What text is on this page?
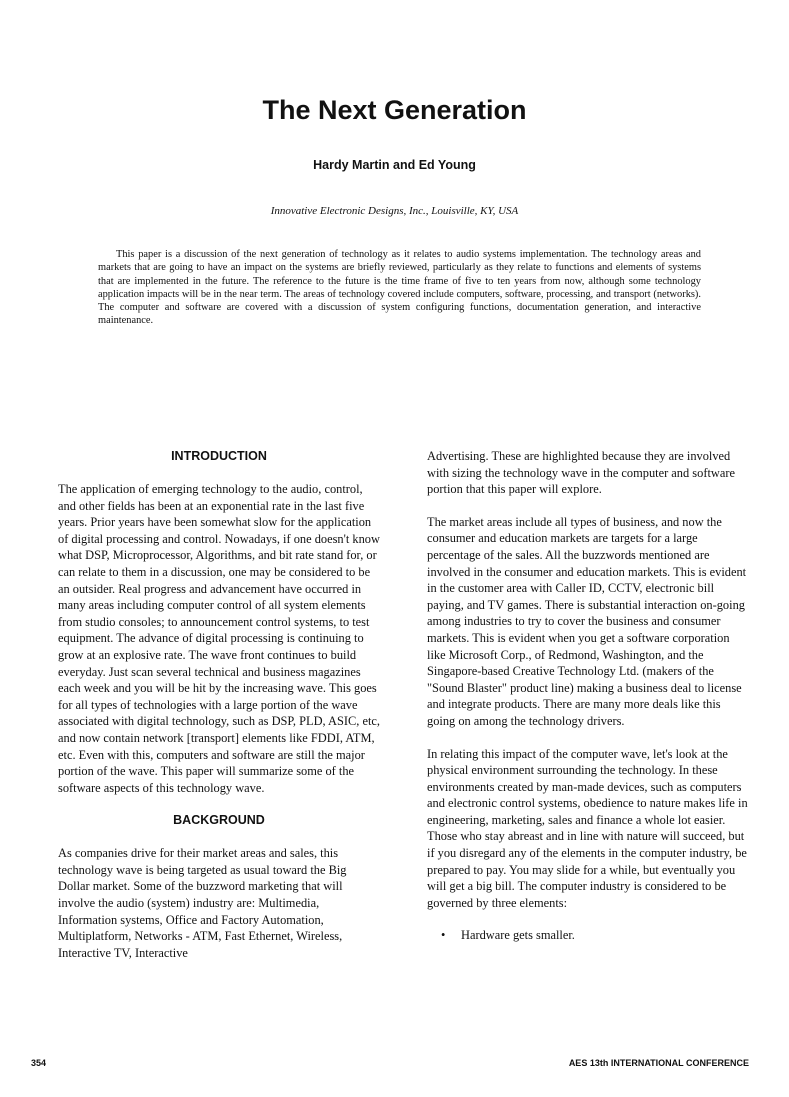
The Next Generation
Hardy Martin and Ed Young
Innovative Electronic Designs, Inc., Louisville, KY, USA

This paper is a discussion of the next generation of technology as it relates to audio systems implementation. The technology areas and markets that are going to have an impact on the systems are briefly reviewed, particularly as they relate to functions and elements of systems that are implemented in the future. The reference to the future is the time frame of five to ten years from now, although some technology application impacts will be in the near term. The areas of technology covered include computers, software, processing, and transport (networks). The computer and software are covered with a discussion of system configuring functions, documentation generation, and interactive maintenance.

INTRODUCTION

The application of emerging technology to the audio, control, and other fields has been at an exponential rate in the last five years. Prior years have been somewhat slow for the application of digital processing and control. Nowadays, if one doesn't know what DSP, Microprocessor, Algorithms, and bit rate stand for, or can relate to them in a discussion, one may be considered to be an outsider. Real progress and advancement have occurred in many areas including computer control of all system elements from studio consoles; to announcement control systems, to test equipment. The advance of digital processing is continuing to grow at an explosive rate. The wave front continues to build everyday. Just scan several technical and business magazines each week and you will be hit by the increasing wave. This goes for all types of technologies with a large portion of the wave associated with digital technology, such as DSP, PLD, ASIC, etc, and now contain network [transport] elements like FDDI, ATM, etc. Even with this, computers and software are still the major portion of the wave. This paper will summarize some of the software aspects of this technology wave.

BACKGROUND

As companies drive for their market areas and sales, this technology wave is being targeted as usual toward the Big Dollar market. Some of the buzzword marketing that will involve the audio (system) industry are: Multimedia, Information systems, Office and Factory Automation, Multiplatform, Networks - ATM, Fast Ethernet, Wireless, Interactive TV, Interactive

Advertising. These are highlighted because they are involved with sizing the technology wave in the computer and software portion that this paper will explore.

The market areas include all types of business, and now the consumer and education markets are targets for a large percentage of the sales. All the buzzwords mentioned are involved in the consumer and education markets. This is evident in the customer area with Caller ID, CCTV, electronic bill paying, and TV games. There is substantial interaction on-going among industries to try to cover the business and consumer markets. This is evident when you get a software corporation like Microsoft Corp., of Redmond, Washington, and the Singapore-based Creative Technology Ltd. (makers of the "Sound Blaster" product line) making a business deal to license and integrate products. There are many more deals like this going on among the technology drivers.

In relating this impact of the computer wave, let's look at the physical environment surrounding the technology. In these environments created by man-made devices, such as computers and electronic control systems, obedience to nature makes life in engineering, marketing, sales and finance a whole lot easier. Those who stay abreast and in line with nature will succeed, but if you disregard any of the elements in the computer industry, be prepared to pay. You may slide for a while, but eventually you will get a big bill. The computer industry is considered to be governed by three elements:

•	Hardware gets smaller.
354	AES 13th INTERNATIONAL CONFERENCE
